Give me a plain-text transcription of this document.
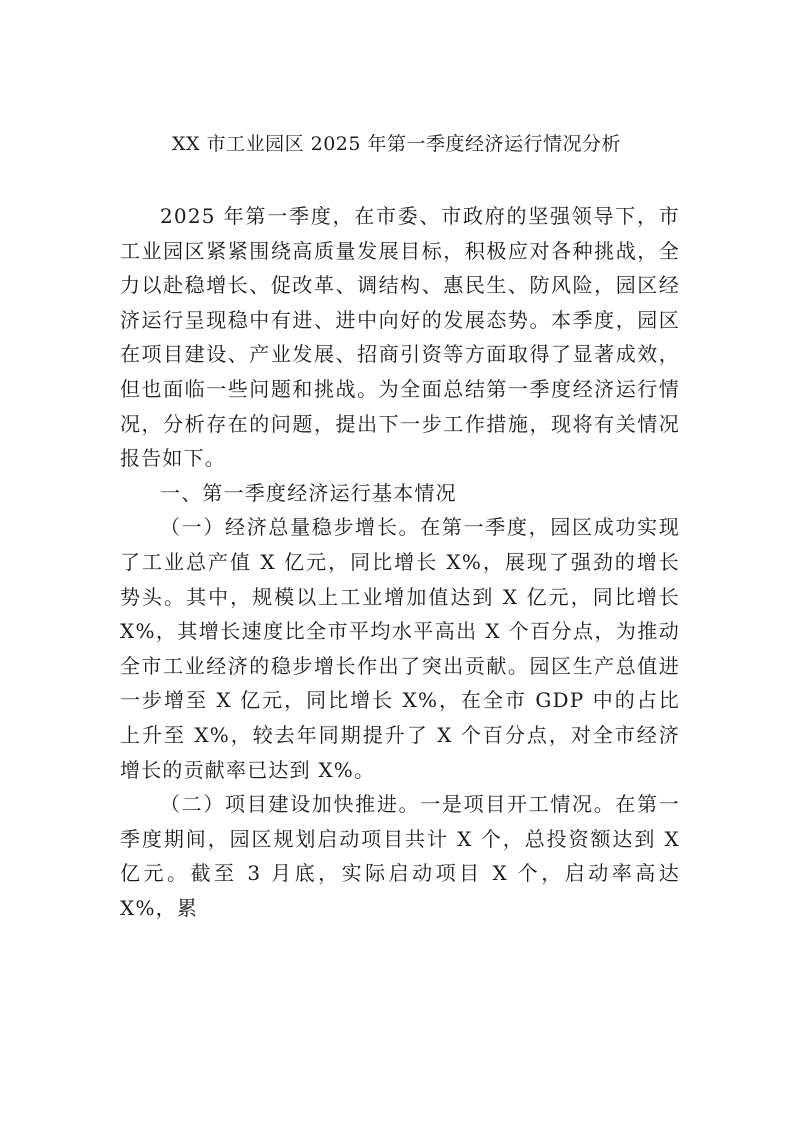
XX 市工业园区 2025 年第一季度经济运行情况分析

2025 年第一季度，在市委、市政府的坚强领导下，市工业园区紧紧围绕高质量发展目标，积极应对各种挑战，全力以赴稳增长、促改革、调结构、惠民生、防风险，园区经济运行呈现稳中有进、进中向好的发展态势。本季度，园区在项目建设、产业发展、招商引资等方面取得了显著成效，但也面临一些问题和挑战。为全面总结第一季度经济运行情况，分析存在的问题，提出下一步工作措施，现将有关情况报告如下。

一、第一季度经济运行基本情况

（一）经济总量稳步增长。在第一季度，园区成功实现了工业总产值 X 亿元，同比增长 X%，展现了强劲的增长势头。其中，规模以上工业增加值达到 X 亿元，同比增长 X%，其增长速度比全市平均水平高出 X 个百分点，为推动全市工业经济的稳步增长作出了突出贡献。园区生产总值进一步增至 X 亿元，同比增长 X%，在全市 GDP 中的占比上升至 X%，较去年同期提升了 X 个百分点，对全市经济增长的贡献率已达到 X%。

（二）项目建设加快推进。一是项目开工情况。在第一季度期间，园区规划启动项目共计 X 个，总投资额达到 X 亿元。截至 3 月底，实际启动项目 X 个，启动率高达 X%，累
